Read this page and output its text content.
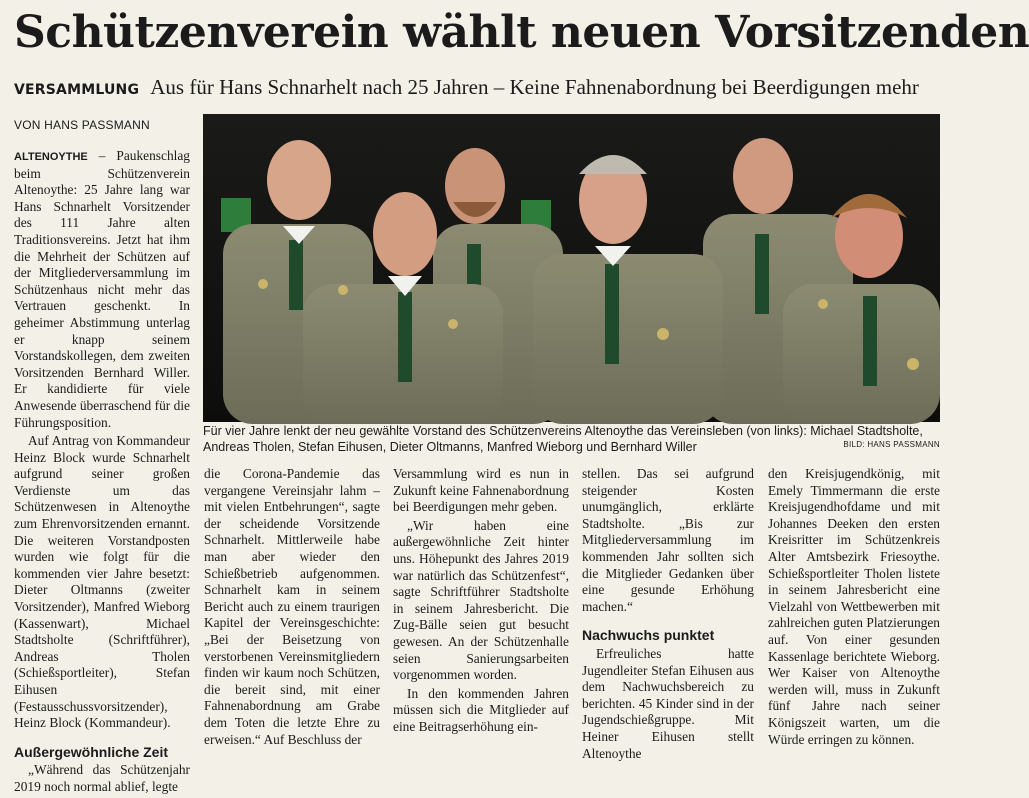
Schützenverein wählt neuen Vorsitzenden
VERSAMMLUNG Aus für Hans Schnarhelt nach 25 Jahren – Keine Fahnenabordnung bei Beerdigungen mehr
VON HANS PASSMANN
Für vier Jahre lenkt der neu gewählte Vorstand des Schützenvereins Altenoythe das Vereinsleben (von links): Michael Stadtsholte, Andreas Tholen, Stefan Eihusen, Dieter Oltmanns, Manfred Wieborg und Bernhard Willer	BILD: HANS PASSMANN

ALTENOYTHE – Paukenschlag beim Schützenverein Altenoythe: 25 Jahre lang war Hans Schnarhelt Vorsitzender des 111 Jahre alten Traditionsvereins. Jetzt hat ihm die Mehrheit der Schützen auf der Mitgliederversammlung im Schützenhaus nicht mehr das Vertrauen geschenkt. In geheimer Abstimmung unterlag er knapp seinem Vorstandskollegen, dem zweiten Vorsitzenden Bernhard Willer. Er kandidierte für viele Anwesende überraschend für die Führungsposition.

Auf Antrag von Kommandeur Heinz Block wurde Schnarhelt aufgrund seiner großen Verdienste um das Schützenwesen in Altenoythe zum Ehrenvorsitzenden ernannt. Die weiteren Vorstandposten wurden wie folgt für die kommenden vier Jahre besetzt: Dieter Oltmanns (zweiter Vorsitzender), Manfred Wieborg (Kassenwart), Michael Stadtsholte (Schriftführer), Andreas Tholen (Schießsportleiter), Stefan Eihusen (Festausschussvorsitzender), Heinz Block (Kommandeur).

Außergewöhnliche Zeit

„Während das Schützenjahr 2019 noch normal ablief, legte

die Corona-Pandemie das vergangene Vereinsjahr lahm – mit vielen Entbehrungen“, sagte der scheidende Vorsitzende Schnarhelt. Mittlerweile habe man aber wieder den Schießbetrieb aufgenommen. Schnarhelt kam in seinem Bericht auch zu einem traurigen Kapitel der Vereinsgeschichte: „Bei der Beisetzung von verstorbenen Vereinsmitgliedern finden wir kaum noch Schützen, die bereit sind, mit einer Fahnenabordnung am Grabe dem Toten die letzte Ehre zu erweisen.“ Auf Beschluss der

Versammlung wird es nun in Zukunft keine Fahnenabordnung bei Beerdigungen mehr geben.

„Wir haben eine außergewöhnliche Zeit hinter uns. Höhepunkt des Jahres 2019 war natürlich das Schützenfest“, sagte Schriftführer Stadtsholte in seinem Jahresbericht. Die Zug-Bälle seien gut besucht gewesen. An der Schützenhalle seien Sanierungsarbeiten vorgenommen worden.

In den kommenden Jahren müssen sich die Mitglieder auf eine Beitragserhöhung ein-

stellen. Das sei aufgrund steigender Kosten unumgänglich, erklärte Stadtsholte. „Bis zur Mitgliederversammlung im kommenden Jahr sollten sich die Mitglieder Gedanken über eine gesunde Erhöhung machen.“

Nachwuchs punktet

Erfreuliches hatte Jugendleiter Stefan Eihusen aus dem Nachwuchsbereich zu berichten. 45 Kinder sind in der Jugendschießgruppe. Mit Heiner Eihusen stellt Altenoythe

den Kreisjugendkönig, mit Emely Timmermann die erste Kreisjugendhofdame und mit Johannes Deeken den ersten Kreisritter im Schützenkreis Alter Amtsbezirk Friesoythe. Schießsportleiter Tholen listete in seinem Jahresbericht eine Vielzahl von Wettbewerben mit zahlreichen guten Platzierungen auf. Von einer gesunden Kassenlage berichtete Wieborg. Wer Kaiser von Altenoythe werden will, muss in Zukunft fünf Jahre nach seiner Königszeit warten, um die Würde erringen zu können.
